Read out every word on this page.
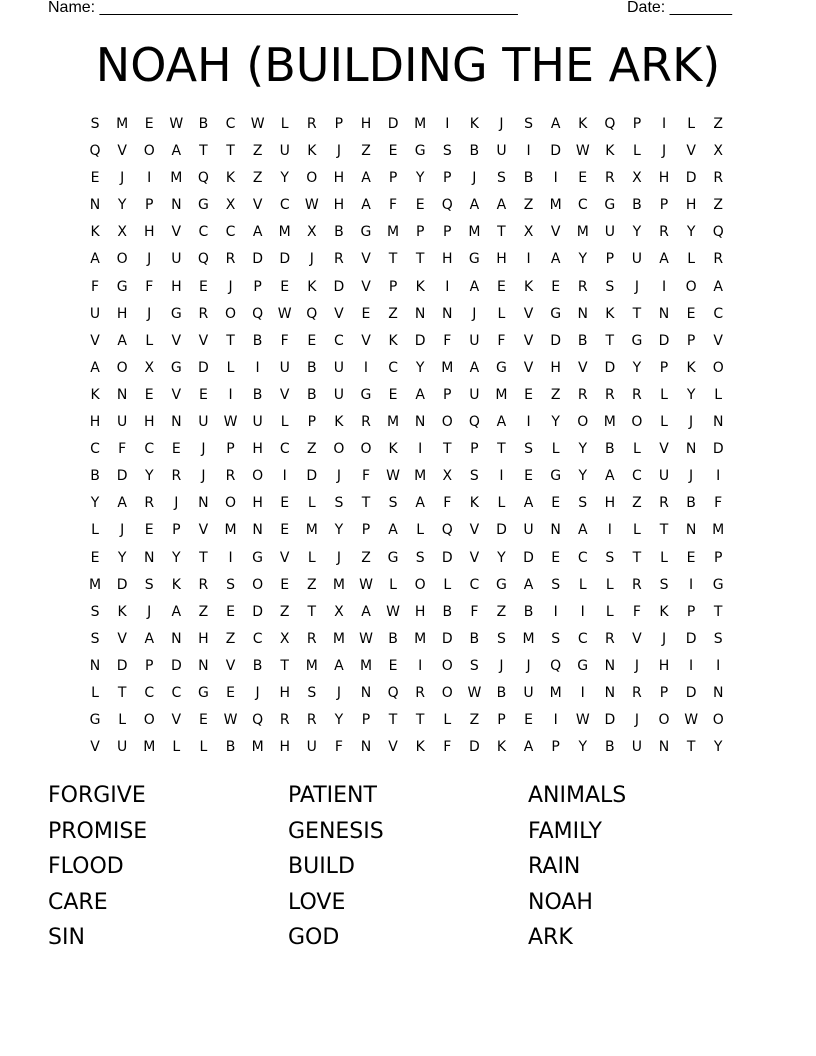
Name: _______________________________________________	Date: _______
NOAH (BUILDING THE ARK)
S	M	E	W	B	C	W	L	R	P	H	D	M	I	K	J	S	A	K	Q	P	I	L	Z
Q	V	O	A	T	T	Z	U	K	J	Z	E	G	S	B	U	I	D W	K	L	J	V	X
E	J	I	M	Q	K	Z	Y	O	H	A	P	Y	P	J	S	B	I	E	R	X	H	D	R
N	Y	P	N	G	X	V	C	W H	A	F	E	Q	A	A	Z	M	C	G	B	P	H	Z
K	X	H	V	C	C	A	M	X	B	G	M	P	P	M	T	X	V	M	U	Y	R	Y	Q
A	O	J	U	Q	R	D	D	J	R	V	T	T	H	G	H	I	A	Y	P	U	A	L	R
F	G	F	H	E	J	P	E	K	D	V	P	K	I	A	E	K	E	R	S	J	I	O	A
U	H	J	G	R	O	Q W Q	V	E	Z	N	N	J	L	V	G	N	K	T	N	E	C
V	A	L	V	V	T	B	F	E	C	V	K	D	F	U	F	V	D	B	T	G	D	P	V
A	O	X	G	D	L	I	U	B	U	I	C	Y	M	A	G	V	H	V	D	Y	P	K	O
K	N	E	V	E	I	B	V	B	U	G	E	A	P	U	M	E	Z	R	R	R	L	Y	L
H	U	H	N	U	W	U	L	P	K	R	M	N	O	Q	A	I	Y	O	M	O	L	J	N
C	F	C	E	J	P	H	C	Z	O	O	K	I	T	P	T	S	L	Y	B	L	V	N	D
B	D	Y	R	J	R	O	I	D	J	F	W M	X	S	I	E	G	Y	A	C	U	J	I
Y	A	R	J	N	O	H	E	L	S	T	S	A	F	K	L	A	E	S	H	Z	R	B	F
L	J	E	P	V	M	N	E	M	Y	P	A	L	Q	V	D	U	N	A	I	L	T	N	M
E	Y	N	Y	T	I	G	V	L	J	Z	G	S	D	V	Y	D	E	C	S	T	L	E	P
M	D	S	K	R	S	O	E	Z	M W	L	O	L	C	G	A	S	L	L	R	S	I	G
S	K	J	A	Z	E	D	Z	T	X	A	W H	B	F	Z	B	I	I	L	F	K	P	T
S	V	A	N	H	Z	C	X	R	M W	B	M	D	B	S	M	S	C	R	V	J	D	S
N	D	P	D	N	V	B	T	M	A	M	E	I	O	S	J	J	Q	G	N	J	H	I	I
L	T	C	C	G	E	J	H	S	J	N	Q	R	O W	B	U	M	I	N	R	P	D	N
G	L	O	V	E	W Q	R	R	Y	P	T	T	L	Z	P	E	I	W D	J	O W O
V	U	M	L	L	B	M	H	U	F	N	V	K	F	D	K	A	P	Y	B	U	N	T	Y
FORGIVE	PATIENT	ANIMALS
PROMISE	GENESIS	FAMILY
FLOOD	BUILD	RAIN
CARE	LOVE	NOAH
SIN	GOD	ARK
